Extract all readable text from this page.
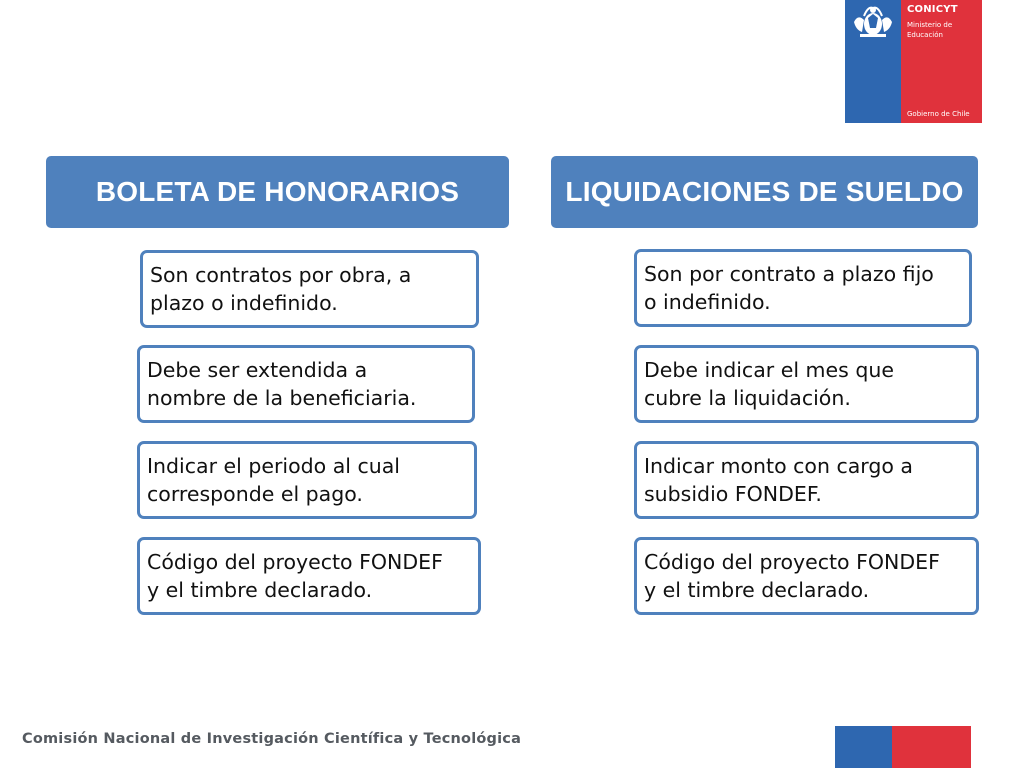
CONICYT
Ministerio de
Educación
Gobierno de Chile
BOLETA DE HONORARIOS	LIQUIDACIONES DE SUELDO
Son contratos por obra, a
plazo o indefinido.
Debe ser extendida a
nombre de la beneficiaria.
Indicar el periodo al cual
corresponde el pago.
Código del proyecto FONDEF
y el timbre declarado.
Son por contrato a plazo fijo
o indefinido.
Debe indicar el mes que
cubre la liquidación.
Indicar monto con cargo a
subsidio FONDEF.
Código del proyecto FONDEF
y el timbre declarado.
Comisión Nacional de Investigación Científica y Tecnológica
